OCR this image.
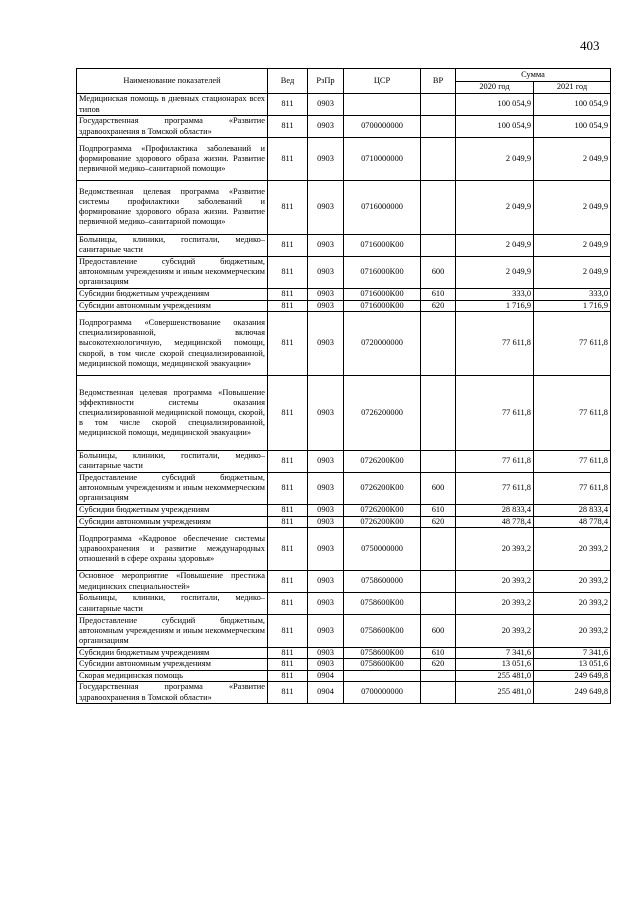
403
Наименование показателей	Вед	РзПр	ЦСР	ВР	Сумма	
					2020 год	2021 год
Медицинская помощь в дневных стационарах всех типов	811	0903			100 054,9	100 054,9
Государственная программа «Развитие здравоохранения в Томской области»	811	0903	0700000000		100 054,9	100 054,9
Подпрограмма «Профилактика заболеваний и формирование здорового образа жизни. Развитие первичной медико–санитарной помощи»	811	0903	0710000000		2 049,9	2 049,9
Ведомственная целевая программа «Развитие системы профилактики заболеваний и формирование здорового образа жизни. Развитие первичной медико–санитарной помощи»	811	0903	0716000000		2 049,9	2 049,9
Больницы, клиники, госпитали, медико–санитарные части	811	0903	0716000К00		2 049,9	2 049,9
Предоставление субсидий бюджетным, автономным учреждениям и иным некоммерческим организациям	811	0903	0716000К00	600	2 049,9	2 049,9
Субсидии бюджетным учреждениям	811	0903	0716000К00	610	333,0	333,0
Субсидии автономным учреждениям	811	0903	0716000К00	620	1 716,9	1 716,9
Подпрограмма «Совершенствование оказания специализированной, включая высокотехнологичную, медицинской помощи, скорой, в том числе скорой специализированной, медицинской помощи, медицинской эвакуации»	811	0903	0720000000		77 611,8	77 611,8
Ведомственная целевая программа «Повышение эффективности системы оказания специализированной медицинской помощи, скорой, в том числе скорой специализированной, медицинской помощи, медицинской эвакуации»	811	0903	0726200000		77 611,8	77 611,8
Больницы, клиники, госпитали, медико–санитарные части	811	0903	0726200К00		77 611,8	77 611,8
Предоставление субсидий бюджетным, автономным учреждениям и иным некоммерческим организациям	811	0903	0726200К00	600	77 611,8	77 611,8
Субсидии бюджетным учреждениям	811	0903	0726200К00	610	28 833,4	28 833,4
Субсидии автономным учреждениям	811	0903	0726200К00	620	48 778,4	48 778,4
Подпрограмма «Кадровое обеспечение системы здравоохранения и развитие международных отношений в сфере охраны здоровья»	811	0903	0750000000		20 393,2	20 393,2
Основное мероприятие «Повышение престижа медицинских специальностей»	811	0903	0758600000		20 393,2	20 393,2
Больницы, клиники, госпитали, медико–санитарные части	811	0903	0758600К00		20 393,2	20 393,2
Предоставление субсидий бюджетным, автономным учреждениям и иным некоммерческим организациям	811	0903	0758600К00	600	20 393,2	20 393,2
Субсидии бюджетным учреждениям	811	0903	0758600К00	610	7 341,6	7 341,6
Субсидии автономным учреждениям	811	0903	0758600К00	620	13 051,6	13 051,6
Скорая медицинская помощь	811	0904			255 481,0	249 649,8
Государственная программа «Развитие здравоохранения в Томской области»	811	0904	0700000000		255 481,0	249 649,8
